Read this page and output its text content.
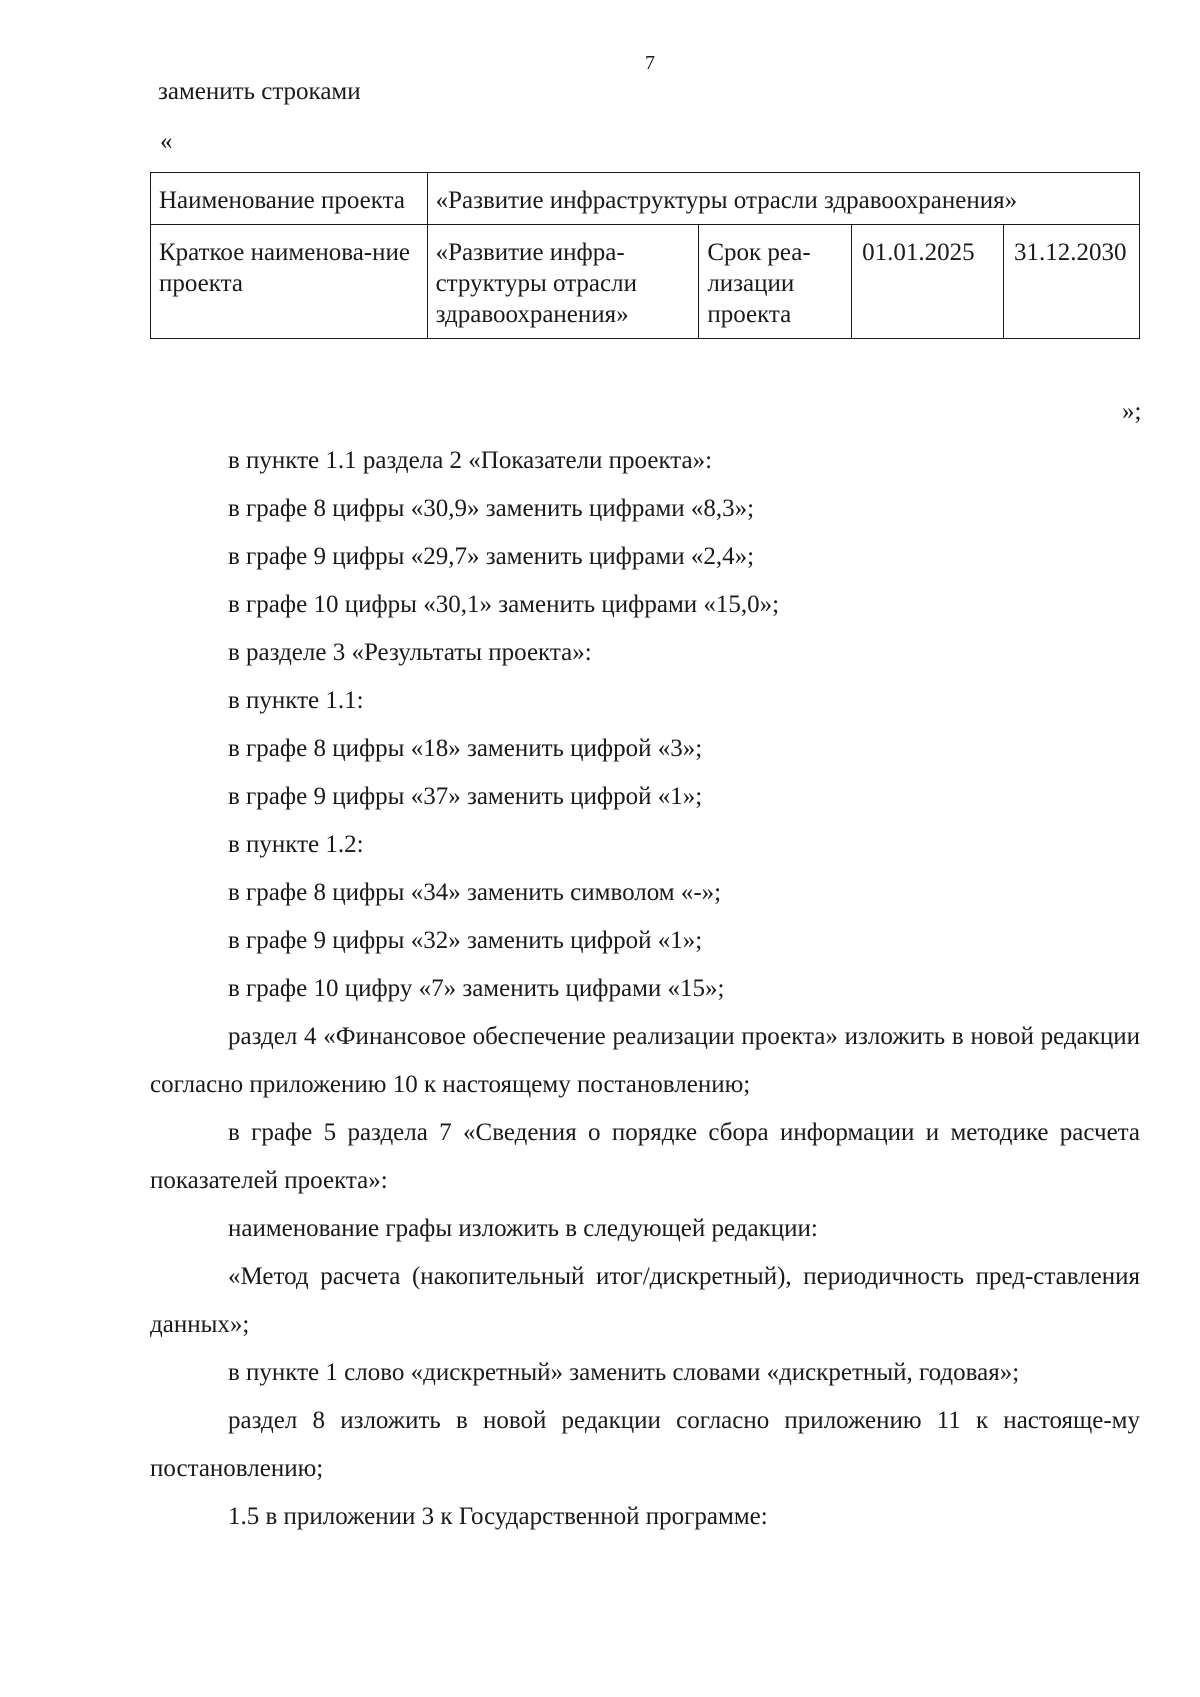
7
заменить строками
«
Наименование проекта	«Развитие инфраструктуры отрасли здравоохранения»			
Краткое наименова-ние проекта	«Развитие инфра-структуры отрасли здравоохранения»	Срок реа-лизации проекта	01.01.2025	31.12.2030
»;

в пункте 1.1 раздела 2 «Показатели проекта»:

в графе 8 цифры «30,9» заменить цифрами «8,3»;

в графе 9 цифры «29,7» заменить цифрами «2,4»;

в графе 10 цифры «30,1» заменить цифрами «15,0»;

в разделе 3 «Результаты проекта»:

в пункте 1.1:

в графе 8 цифры «18» заменить цифрой «3»;

в графе 9 цифры «37» заменить цифрой «1»;

в пункте 1.2:

в графе 8 цифры «34» заменить символом «-»;

в графе 9 цифры «32» заменить цифрой «1»;

в графе 10 цифру «7» заменить цифрами «15»;

раздел 4 «Финансовое обеспечение реализации проекта» изложить в новой редакции согласно приложению 10 к настоящему постановлению;

в графе 5 раздела 7 «Сведения о порядке сбора информации и методике расчета показателей проекта»:

наименование графы изложить в следующей редакции:

«Метод расчета (накопительный итог/дискретный), периодичность пред-ставления данных»;

в пункте 1 слово «дискретный» заменить словами «дискретный, годовая»;

раздел 8 изложить в новой редакции согласно приложению 11 к настояще-му постановлению;

1.5 в приложении 3 к Государственной программе:
